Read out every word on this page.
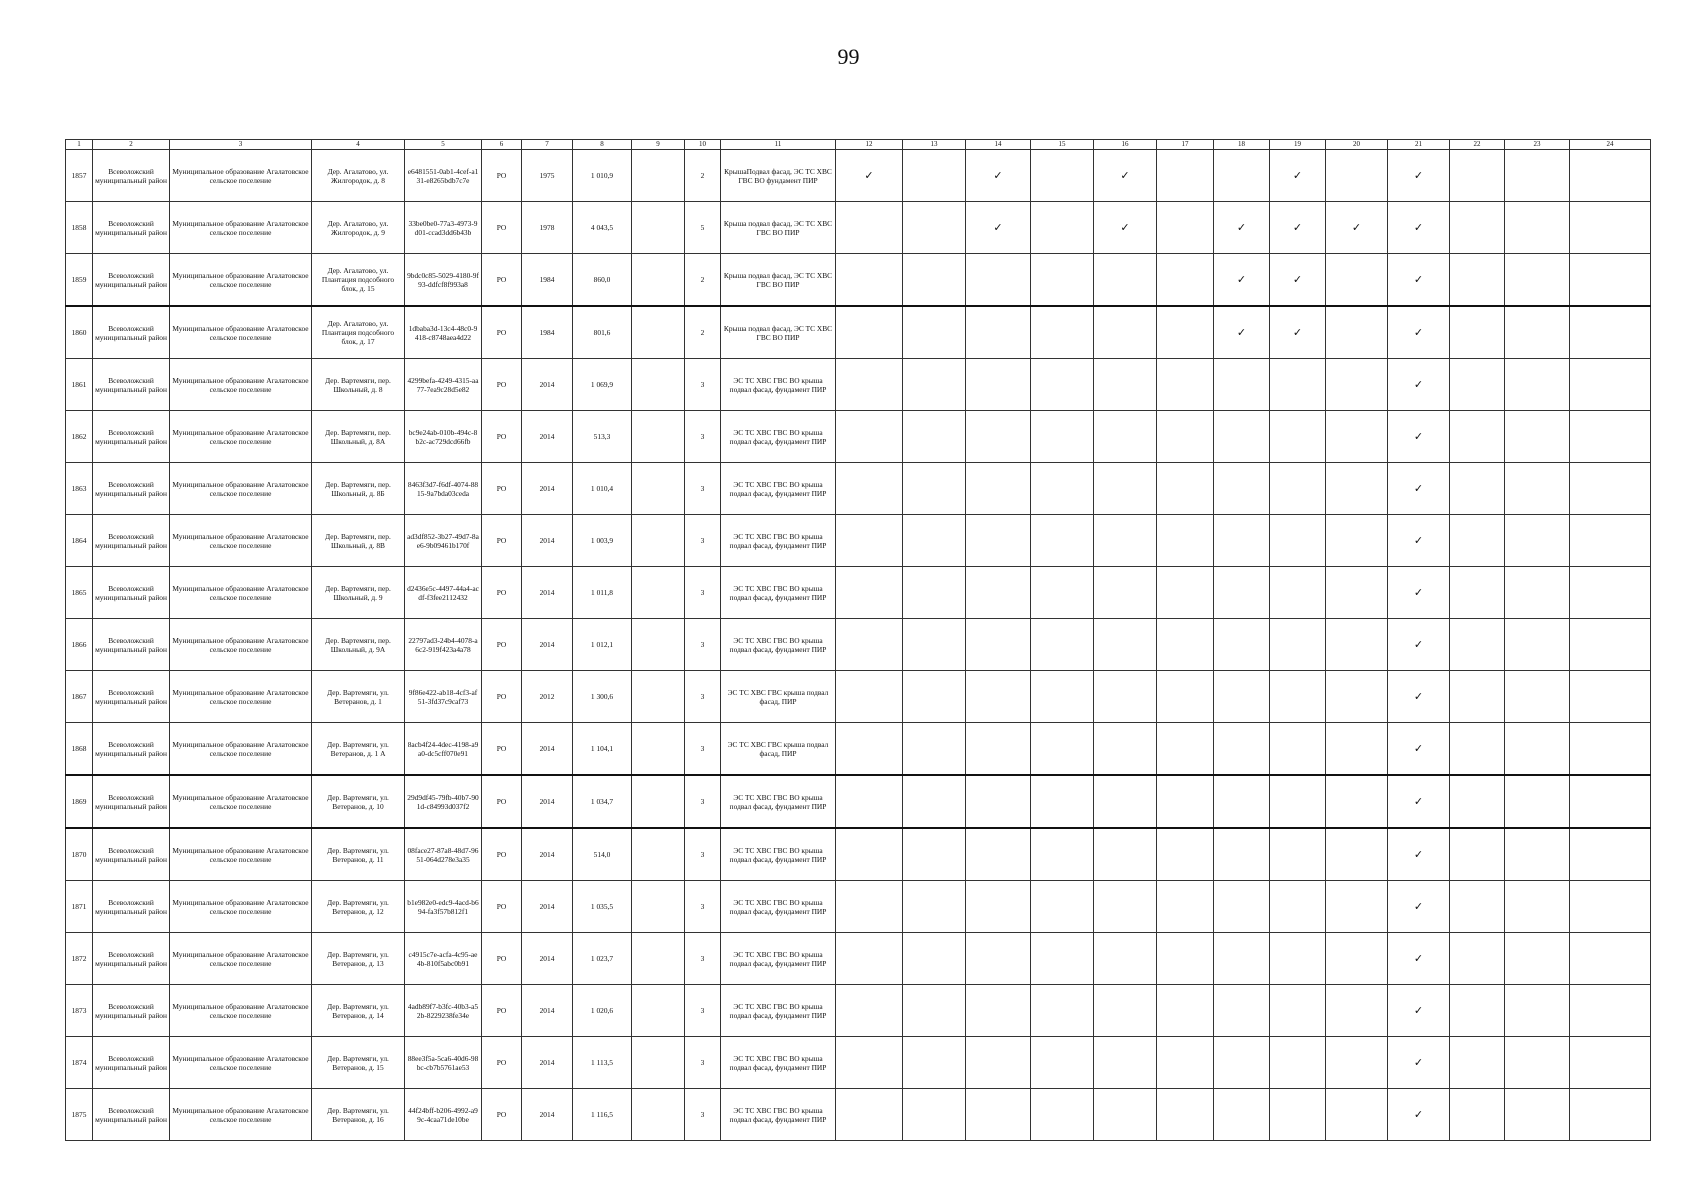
99
1	2	3	4	5	6	7	8	9	10	11	12	13	14	15	16	17	18	19	20	21	22	23	24
1857	Всеволожский муниципальный район	Муниципальное образование Агалатовское сельское поселение	Дер. Агалатово, ул. Жилгородок, д. 8	e6481551-0ab1-4cef-a131-e8265bdb7c7e	РО	1975	1 010,9		2	КрышаПодвал фасад, ЭС ТС ХВС ГВС ВО фундамент ПИР	✓		✓		✓			✓		✓			
1858	Всеволожский муниципальный район	Муниципальное образование Агалатовское сельское поселение	Дер. Агалатово, ул. Жилгородок, д. 9	33be0be0-77a3-4973-9d01-ccad3dd6b43b	РО	1978	4 043,5		5	Крыша подвал фасад, ЭС ТС ХВС ГВС ВО ПИР			✓		✓		✓	✓	✓	✓			
1859	Всеволожский муниципальный район	Муниципальное образование Агалатовское сельское поселение	Дер. Агалатово, ул. Плантация подсобного блок, д. 15	9bdc0c85-5029-4180-9f93-ddfcf8f993a8	РО	1984	860,0		2	Крыша подвал фасад, ЭС ТС ХВС ГВС ВО ПИР							✓	✓		✓			
1860	Всеволожский муниципальный район	Муниципальное образование Агалатовское сельское поселение	Дер. Агалатово, ул. Плантация подсобного блок, д. 17	1dbaba3d-13c4-48c0-9418-c8748aea4d22	РО	1984	801,6		2	Крыша подвал фасад, ЭС ТС ХВС ГВС ВО ПИР							✓	✓		✓			
1861	Всеволожский муниципальный район	Муниципальное образование Агалатовское сельское поселение	Дер. Вартемяги, пер. Школьный, д. 8	4299befa-4249-4315-aa77-7ea9c28d5e82	РО	2014	1 069,9		3	ЭС ТС ХВС ГВС ВО крыша подвал фасад, фундамент ПИР										✓			
1862	Всеволожский муниципальный район	Муниципальное образование Агалатовское сельское поселение	Дер. Вартемяги, пер. Школьный, д. 8А	bc9e24ab-010b-494c-8b2c-ac729dcd66fb	РО	2014	513,3		3	ЭС ТС ХВС ГВС ВО крыша подвал фасад, фундамент ПИР										✓			
1863	Всеволожский муниципальный район	Муниципальное образование Агалатовское сельское поселение	Дер. Вартемяги, пер. Школьный, д. 8Б	8463f3d7-f6df-4074-8815-9a7bda03ceda	РО	2014	1 010,4		3	ЭС ТС ХВС ГВС ВО крыша подвал фасад, фундамент ПИР										✓			
1864	Всеволожский муниципальный район	Муниципальное образование Агалатовское сельское поселение	Дер. Вартемяги, пер. Школьный, д. 8В	ad3df852-3b27-49d7-8ae6-9b09461b170f	РО	2014	1 003,9		3	ЭС ТС ХВС ГВС ВО крыша подвал фасад, фундамент ПИР										✓			
1865	Всеволожский муниципальный район	Муниципальное образование Агалатовское сельское поселение	Дер. Вартемяги, пер. Школьный, д. 9	d2436e5c-4497-44a4-acdf-f3fee2112432	РО	2014	1 011,8		3	ЭС ТС ХВС ГВС ВО крыша подвал фасад, фундамент ПИР										✓			
1866	Всеволожский муниципальный район	Муниципальное образование Агалатовское сельское поселение	Дер. Вартемяги, пер. Школьный, д. 9А	22797ad3-24b4-4078-a6c2-919f423a4a78	РО	2014	1 012,1		3	ЭС ТС ХВС ГВС ВО крыша подвал фасад, фундамент ПИР										✓			
1867	Всеволожский муниципальный район	Муниципальное образование Агалатовское сельское поселение	Дер. Вартемяги, ул. Ветеранов, д. 1	9f86e422-ab18-4cf3-af51-3fd37c9caf73	РО	2012	1 300,6		3	ЭС ТС ХВС ГВС крыша подвал фасад, ПИР										✓			
1868	Всеволожский муниципальный район	Муниципальное образование Агалатовское сельское поселение	Дер. Вартемяги, ул. Ветеранов, д. 1 А	8acb4f24-4dec-4198-a9a0-dc5cff070e91	РО	2014	1 104,1		3	ЭС ТС ХВС ГВС крыша подвал фасад, ПИР										✓			
1869	Всеволожский муниципальный район	Муниципальное образование Агалатовское сельское поселение	Дер. Вартемяги, ул. Ветеранов, д. 10	29d9df45-79fb-40b7-901d-c84993d037f2	РО	2014	1 034,7		3	ЭС ТС ХВС ГВС ВО крыша подвал фасад, фундамент ПИР										✓			
1870	Всеволожский муниципальный район	Муниципальное образование Агалатовское сельское поселение	Дер. Вартемяги, ул. Ветеранов, д. 11	08face27-87a8-48d7-9651-064d278e3a35	РО	2014	514,0		3	ЭС ТС ХВС ГВС ВО крыша подвал фасад, фундамент ПИР										✓			
1871	Всеволожский муниципальный район	Муниципальное образование Агалатовское сельское поселение	Дер. Вартемяги, ул. Ветеранов, д. 12	b1e982e0-edc9-4acd-b694-fa3f57b812f1	РО	2014	1 035,5		3	ЭС ТС ХВС ГВС ВО крыша подвал фасад, фундамент ПИР										✓			
1872	Всеволожский муниципальный район	Муниципальное образование Агалатовское сельское поселение	Дер. Вартемяги, ул. Ветеранов, д. 13	c4915c7e-acfa-4c95-ae4b-810f5abc0b91	РО	2014	1 023,7		3	ЭС ТС ХВС ГВС ВО крыша подвал фасад, фундамент ПИР										✓			
1873	Всеволожский муниципальный район	Муниципальное образование Агалатовское сельское поселение	Дер. Вартемяги, ул. Ветеранов, д. 14	4adb89f7-b3fc-40b3-a52b-8229238fe34e	РО	2014	1 020,6		3	ЭС ТС ХВС ГВС ВО крыша подвал фасад, фундамент ПИР										✓			
1874	Всеволожский муниципальный район	Муниципальное образование Агалатовское сельское поселение	Дер. Вартемяги, ул. Ветеранов, д. 15	88ee3f5a-5ca6-40d6-98bc-cb7b5761ae53	РО	2014	1 113,5		3	ЭС ТС ХВС ГВС ВО крыша подвал фасад, фундамент ПИР										✓			
1875	Всеволожский муниципальный район	Муниципальное образование Агалатовское сельское поселение	Дер. Вартемяги, ул. Ветеранов, д. 16	44f24bff-b206-4992-a99c-4caa71de10be	РО	2014	1 116,5		3	ЭС ТС ХВС ГВС ВО крыша подвал фасад, фундамент ПИР										✓			
